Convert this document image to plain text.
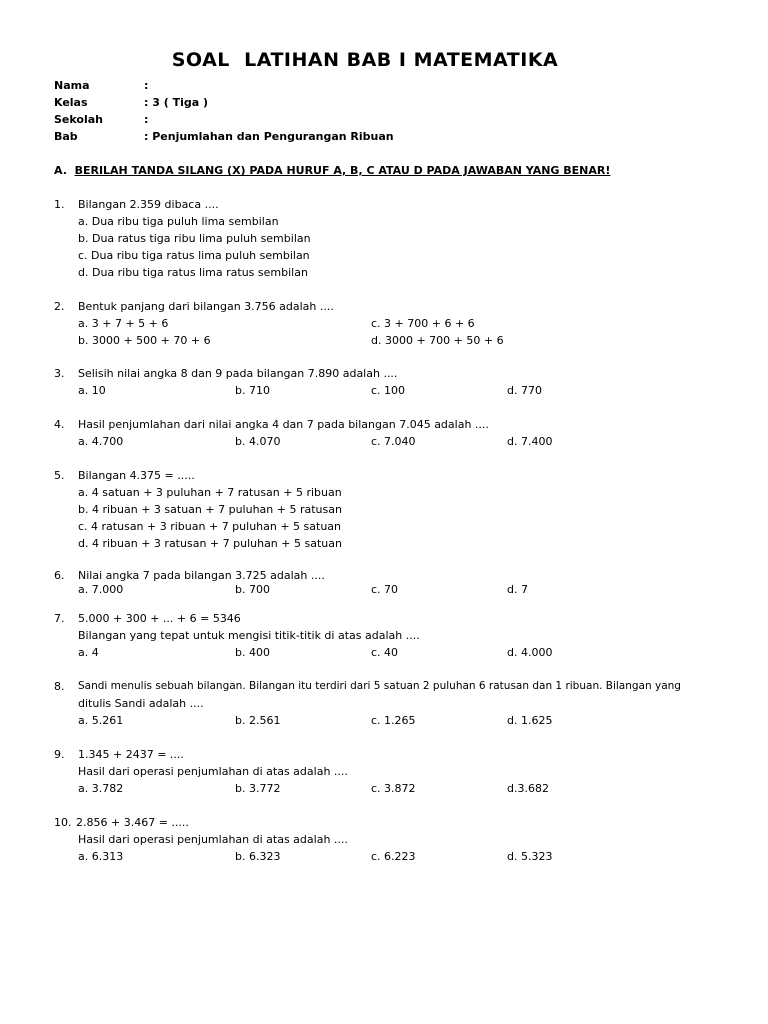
SOAL  LATIHAN BAB I MATEMATIKA
Nama	:
Kelas	: 3 ( Tiga )
Sekolah	:
Bab	: Penjumlahan dan Pengurangan Ribuan
A. BERILAH TANDA SILANG (X) PADA HURUF A, B, C ATAU D PADA JAWABAN YANG BENAR!
1. Bilangan 2.359 dibaca ....
a. Dua ribu tiga puluh lima sembilan
b. Dua ratus tiga ribu lima puluh sembilan
c. Dua ribu tiga ratus lima puluh sembilan
d. Dua ribu tiga ratus lima ratus sembilan
2. Bentuk panjang dari bilangan 3.756 adalah ....
a. 3 + 7 + 5 + 6	c. 3 + 700 + 6 + 6
b. 3000 + 500 + 70 + 6	d. 3000 + 700 + 50 + 6
3. Selisih nilai angka 8 dan 9 pada bilangan 7.890 adalah ....
a. 10	b. 710	c. 100	d. 770
4. Hasil penjumlahan dari nilai angka 4 dan 7 pada bilangan 7.045 adalah ....
a. 4.700	b. 4.070	c. 7.040	d. 7.400
5. Bilangan 4.375 = .....
a. 4 satuan + 3 puluhan + 7 ratusan + 5 ribuan
b. 4 ribuan + 3 satuan + 7 puluhan + 5 ratusan
c. 4 ratusan + 3 ribuan + 7 puluhan + 5 satuan
d. 4 ribuan + 3 ratusan + 7 puluhan + 5 satuan
6. Nilai angka 7 pada bilangan 3.725 adalah ....
a. 7.000	b. 700	c. 70	d. 7
7. 5.000 + 300 + ... + 6 = 5346
Bilangan yang tepat untuk mengisi titik-titik di atas adalah ....
a. 4	b. 400	c. 40	d. 4.000
8. Sandi menulis sebuah bilangan. Bilangan itu terdiri dari 5 satuan 2 puluhan 6 ratusan dan 1 ribuan. Bilangan yang
ditulis Sandi adalah ....
a. 5.261	b. 2.561	c. 1.265	d. 1.625
9. 1.345 + 2437 = ....
Hasil dari operasi penjumlahan di atas adalah ....
a. 3.782	b. 3.772	c. 3.872	d.3.682
10. 2.856 + 3.467 = .....
Hasil dari operasi penjumlahan di atas adalah ....
a. 6.313	b. 6.323	c. 6.223	d. 5.323
